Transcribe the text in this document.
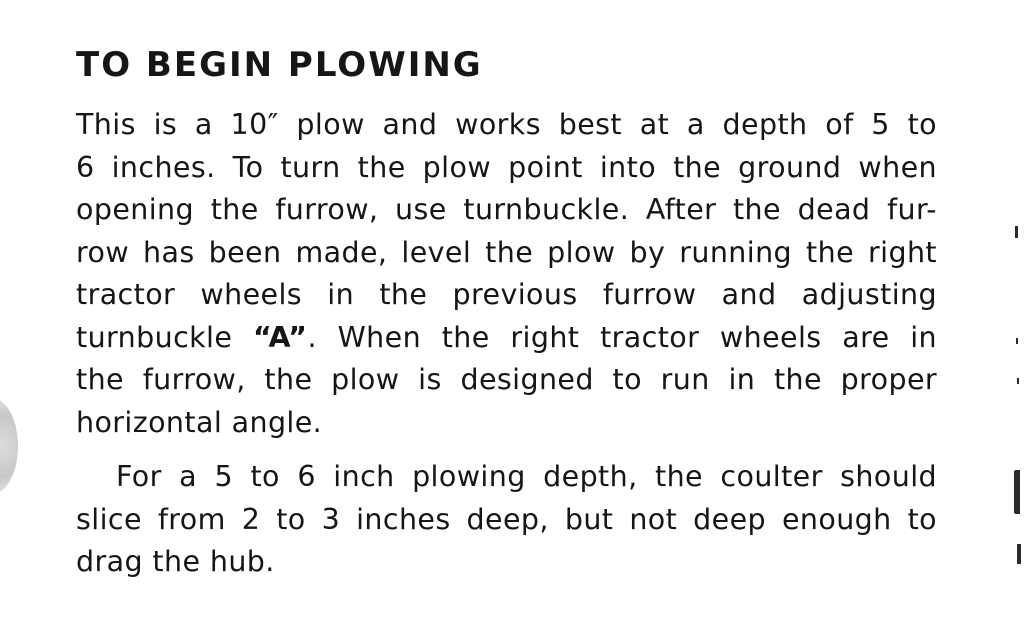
TO BEGIN PLOWING

This is a 10″ plow and works best at a depth of 5 to
6 inches. To turn the plow point into the ground when
opening the furrow, use turnbuckle. After the dead fur-
row has been made, level the plow by running the right
tractor wheels in the previous furrow and adjusting
turnbuckle “A”. When the right tractor wheels are in
the furrow, the plow is designed to run in the proper
horizontal angle.

For a 5 to 6 inch plowing depth, the coulter should
slice from 2 to 3 inches deep, but not deep enough to
drag the hub.
